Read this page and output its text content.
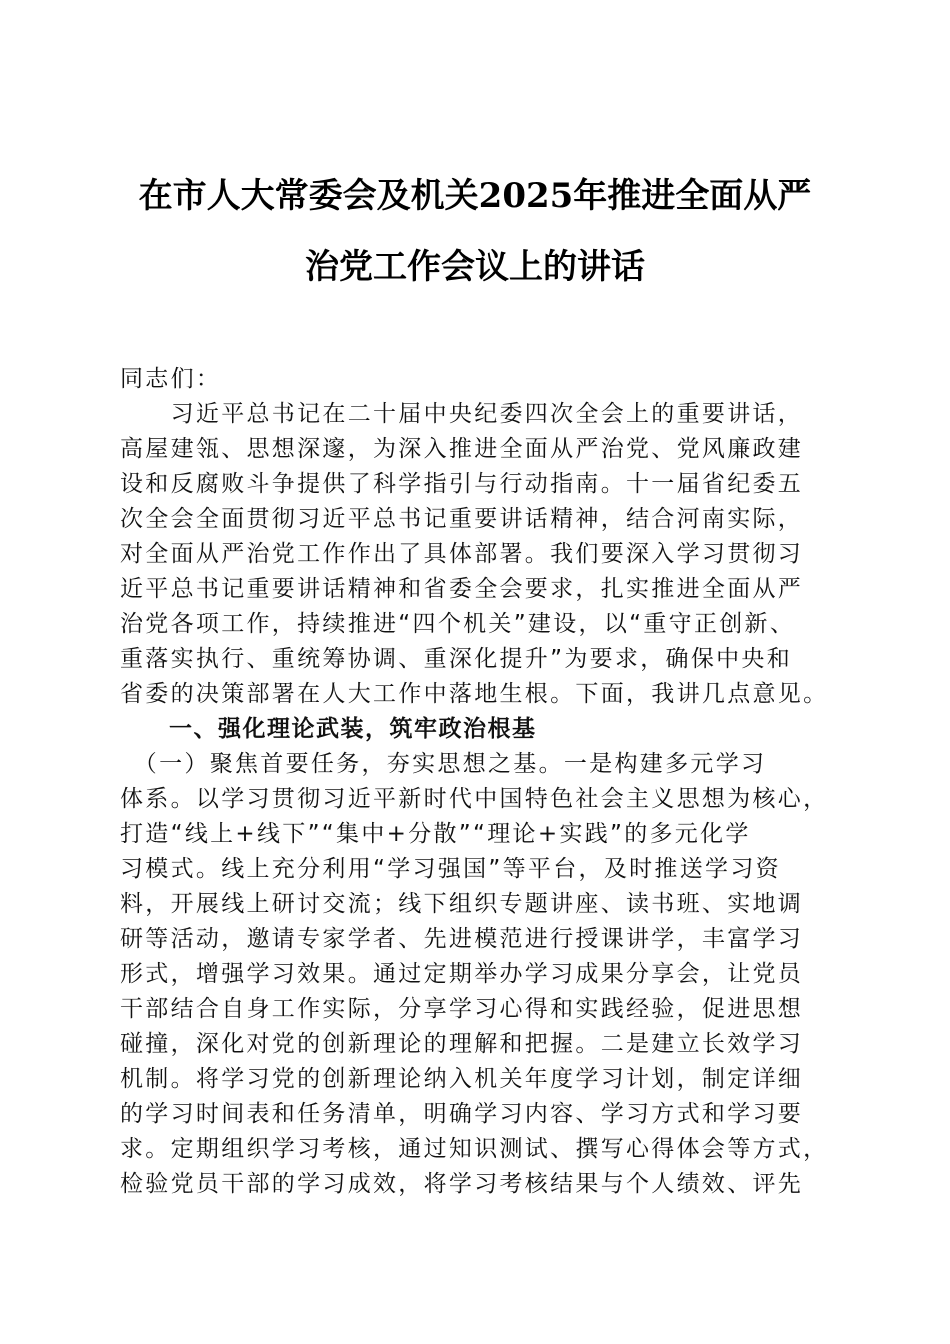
在市人大常委会及机关2025年推进全面从严
治党工作会议上的讲话
同志们：
　　习近平总书记在二十届中央纪委四次全会上的重要讲话，
高屋建瓴、思想深邃，为深入推进全面从严治党、党风廉政建
设和反腐败斗争提供了科学指引与行动指南。十一届省纪委五
次全会全面贯彻习近平总书记重要讲话精神，结合河南实际，
对全面从严治党工作作出了具体部署。我们要深入学习贯彻习
近平总书记重要讲话精神和省委全会要求，扎实推进全面从严
治党各项工作，持续推进“四个机关”建设，以“重守正创新、
重落实执行、重统筹协调、重深化提升”为要求，确保中央和
省委的决策部署在人大工作中落地生根。下面，我讲几点意见。
　　一、强化理论武装，筑牢政治根基
　（一）聚焦首要任务，夯实思想之基。一是构建多元学习
体系。以学习贯彻习近平新时代中国特色社会主义思想为核心，
打造“线上+线下”“集中+分散”“理论+实践”的多元化学
习模式。线上充分利用“学习强国”等平台，及时推送学习资
料，开展线上研讨交流；线下组织专题讲座、读书班、实地调
研等活动，邀请专家学者、先进模范进行授课讲学，丰富学习
形式，增强学习效果。通过定期举办学习成果分享会，让党员
干部结合自身工作实际，分享学习心得和实践经验，促进思想
碰撞，深化对党的创新理论的理解和把握。二是建立长效学习
机制。将学习党的创新理论纳入机关年度学习计划，制定详细
的学习时间表和任务清单，明确学习内容、学习方式和学习要
求。定期组织学习考核，通过知识测试、撰写心得体会等方式，
检验党员干部的学习成效，将学习考核结果与个人绩效、评先
